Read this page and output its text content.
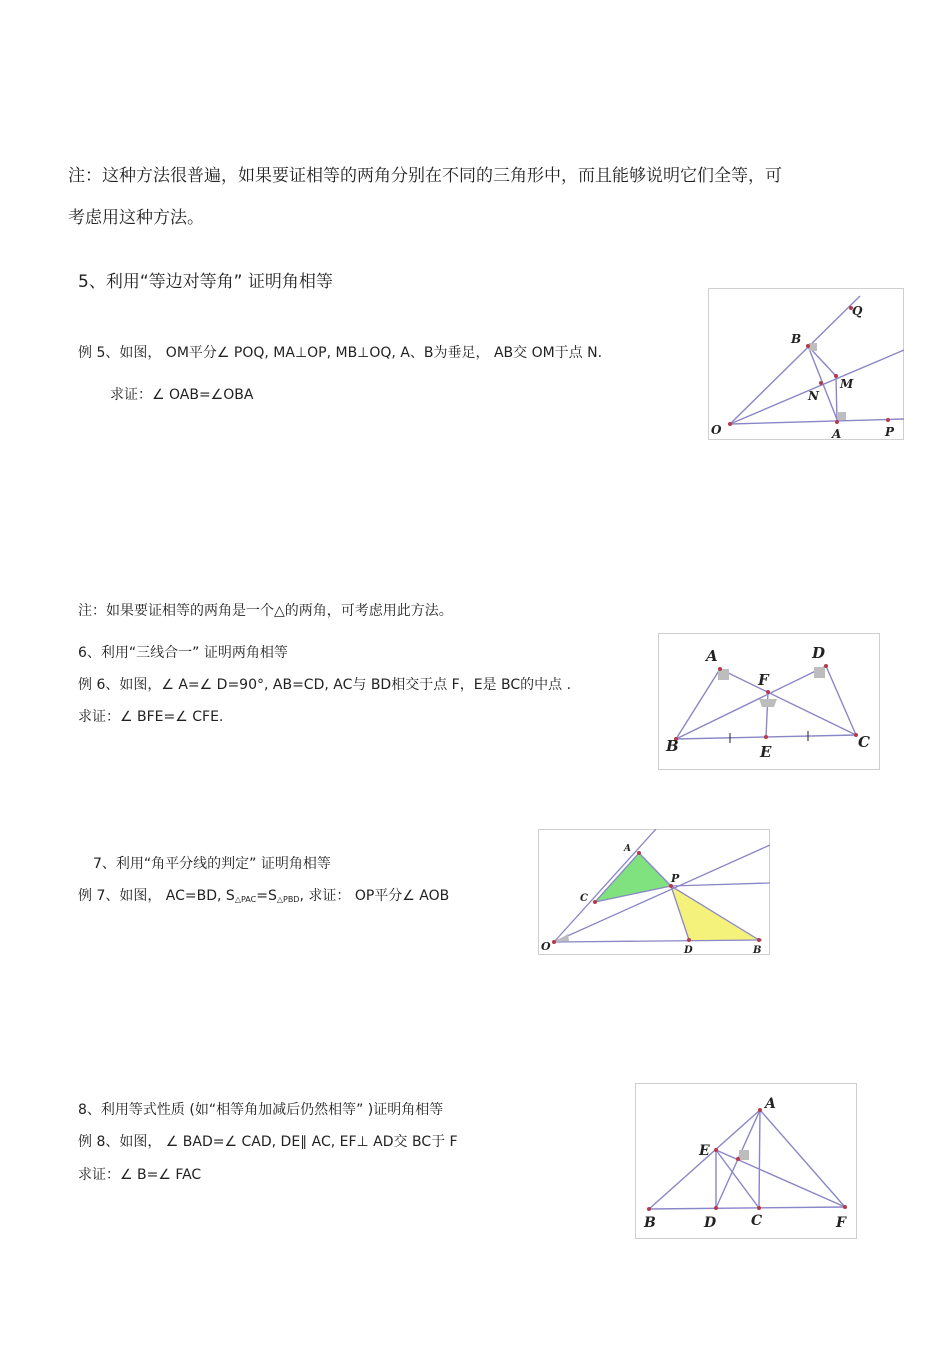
注：这种方法很普遍，如果要证相等的两角分别在不同的三角形中，而且能够说明它们全等，可
考虑用这种方法。
5、利用“等边对等角” 证明角相等
例 5、如图， OM平分∠ POQ, MA⊥OP, MB⊥OQ, A、B为垂足， AB交 OM于点 N.
求证：∠ OAB=∠OBA
Q
B
M
N
O	A	P
注：如果要证相等的两角是一个△的两角，可考虑用此方法。
6、利用“三线合一” 证明两角相等
例 6、如图，∠ A=∠ D=90°, AB=CD, AC与 BD相交于点 F，E是 BC的中点 .
求证：∠ BFE=∠ CFE.
A	D
F
B	E
C
7、利用“角平分线的判定” 证明角相等
例 7、如图， AC=BD, $S_{\triangle PAC}=S_{\triangle PBD}$, 求证： OP平分∠ AOB
A
P
C
O	D	B
8、利用等式性质 (如“相等角加减后仍然相等” )证明角相等
例 8、如图， ∠ BAD=∠ CAD, DE∥ AC, EF⊥ AD交 BC于 F
求证：∠ B=∠ FAC
A
E
B	D C	F
